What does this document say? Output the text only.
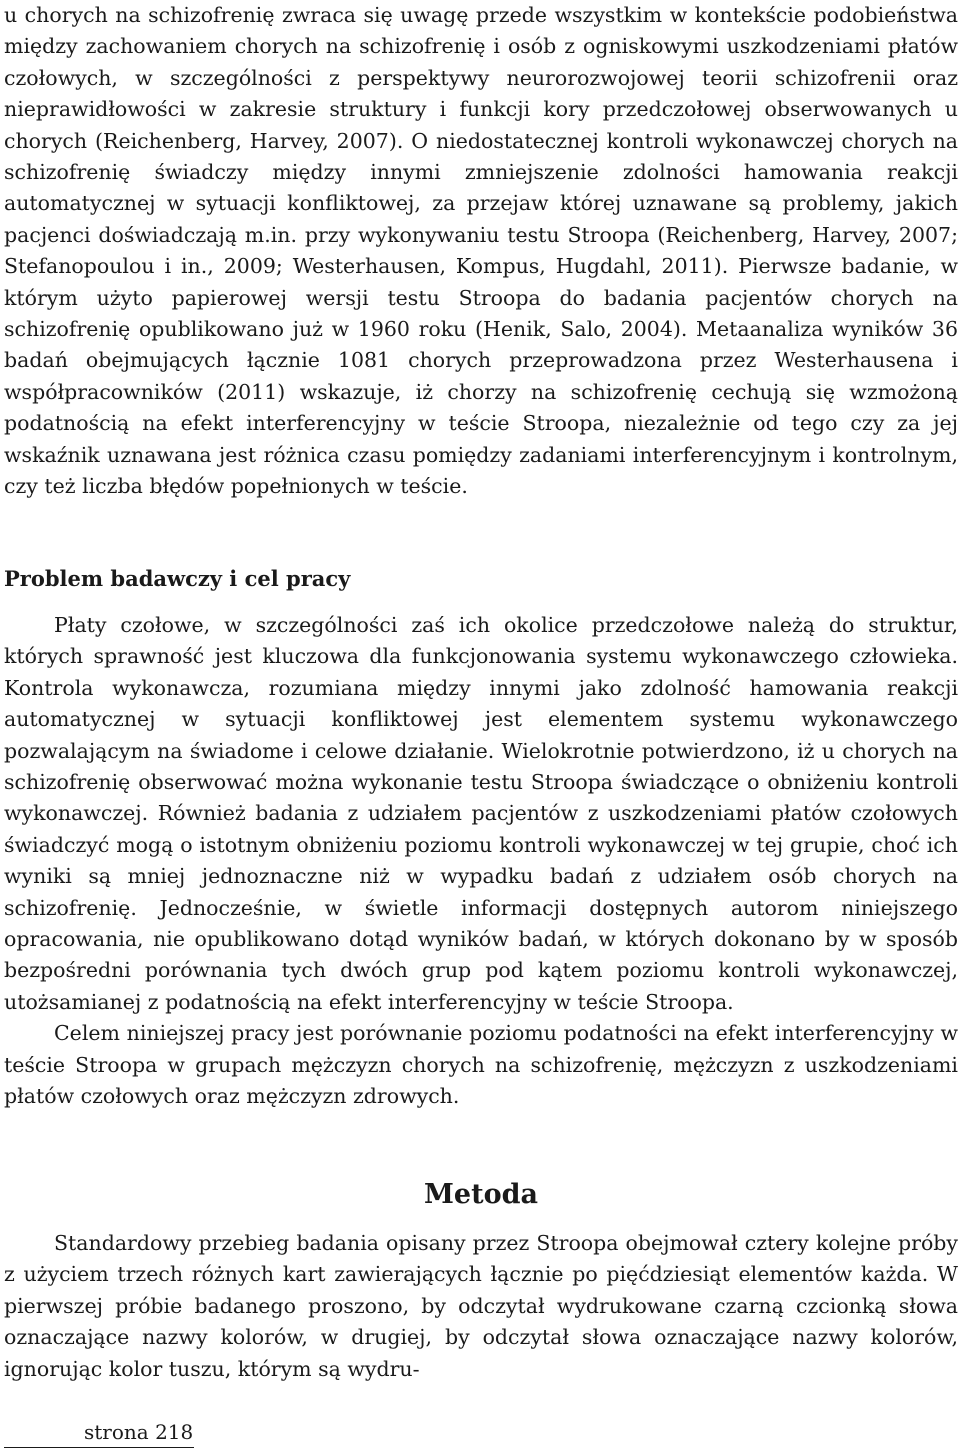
u chorych na schizofrenię zwraca się uwagę przede wszystkim w kontekście podobieństwa między zachowaniem chorych na schizofrenię i osób z ogniskowymi uszkodzeniami płatów czołowych, w szczególności z perspektywy neurorozwojowej teorii schizofrenii oraz nieprawidłowości w zakresie struktury i funkcji kory przedczołowej obserwowanych u chorych (Reichenberg, Harvey, 2007). O niedostatecznej kontroli wykonawczej chorych na schizofrenię świadczy między innymi zmniejszenie zdolności hamowania reakcji automatycznej w sytuacji konfliktowej, za przejaw której uznawane są problemy, jakich pacjenci doświadczają m.in. przy wykonywaniu testu Stroopa (Reichenberg, Harvey, 2007; Stefanopoulou i in., 2009; Westerhausen, Kompus, Hugdahl, 2011). Pierwsze badanie, w którym użyto papierowej wersji testu Stroopa do badania pacjentów chorych na schizofrenię opublikowano już w 1960 roku (Henik, Salo, 2004). Metaanaliza wyników 36 badań obejmujących łącznie 1081 chorych przeprowadzona przez Westerhausena i współpracowników (2011) wskazuje, iż chorzy na schizofrenię cechują się wzmożoną podatnością na efekt interferencyjny w teście Stroopa, niezależnie od tego czy za jej wskaźnik uznawana jest różnica czasu pomiędzy zadaniami interferencyjnym i kontrolnym, czy też liczba błędów popełnionych w teście.

Problem badawczy i cel pracy

Płaty czołowe, w szczególności zaś ich okolice przedczołowe należą do struktur, których sprawność jest kluczowa dla funkcjonowania systemu wykonawczego człowieka. Kontrola wykonawcza, rozumiana między innymi jako zdolność hamowania reakcji automatycznej w sytuacji konfliktowej jest elementem systemu wykonawczego pozwalającym na świadome i celowe działanie. Wielokrotnie potwierdzono, iż u chorych na schizofrenię obserwować można wykonanie testu Stroopa świadczące o obniżeniu kontroli wykonawczej. Również badania z udziałem pacjentów z uszkodzeniami płatów czołowych świadczyć mogą o istotnym obniżeniu poziomu kontroli wykonawczej w tej grupie, choć ich wyniki są mniej jednoznaczne niż w wypadku badań z udziałem osób chorych na schizofrenię. Jednocześnie, w świetle informacji dostępnych autorom niniejszego opracowania, nie opublikowano dotąd wyników badań, w których dokonano by w sposób bezpośredni porównania tych dwóch grup pod kątem poziomu kontroli wykonawczej, utożsamianej z podatnością na efekt interferencyjny w teście Stroopa.

Celem niniejszej pracy jest porównanie poziomu podatności na efekt interferencyjny w teście Stroopa w grupach mężczyzn chorych na schizofrenię, mężczyzn z uszkodzeniami płatów czołowych oraz mężczyzn zdrowych.

Metoda

Standardowy przebieg badania opisany przez Stroopa obejmował cztery kolejne próby z użyciem trzech różnych kart zawierających łącznie po pięćdziesiąt elementów każda. W pierwszej próbie badanego proszono, by odczytał wydrukowane czarną czcionką słowa oznaczające nazwy kolorów, w drugiej, by odczytał słowa oznaczające nazwy kolorów, ignorując kolor tuszu, którym są wydru-

strona 218
